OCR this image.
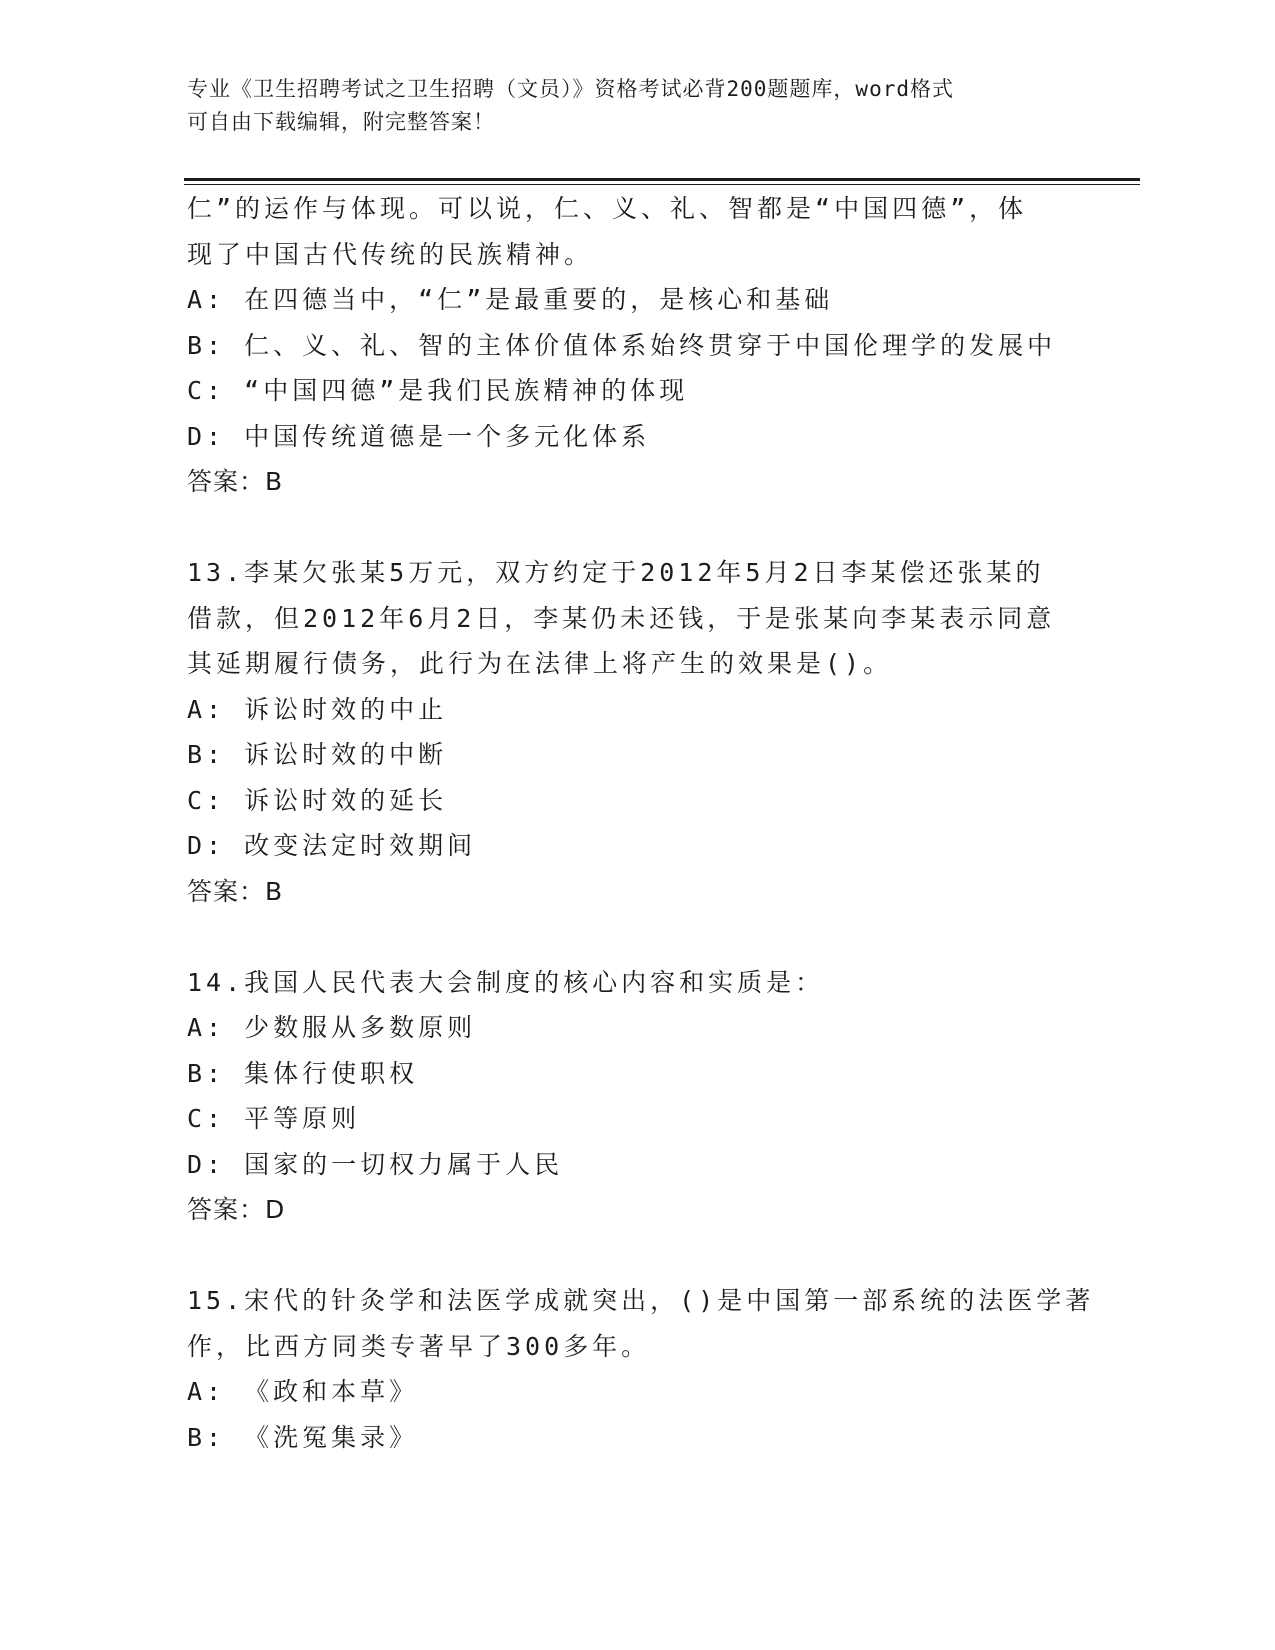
专业《卫生招聘考试之卫生招聘（文员）》资格考试必背200题题库，word格式
可自由下载编辑，附完整答案！
仁”的运作与体现。可以说，仁、义、礼、智都是“中国四德”，体
现了中国古代传统的民族精神。
A: 在四德当中，“仁”是最重要的，是核心和基础
B: 仁、义、礼、智的主体价值体系始终贯穿于中国伦理学的发展中
C: “中国四德”是我们民族精神的体现
D: 中国传统道德是一个多元化体系
答案：B
13.李某欠张某5万元，双方约定于2012年5月2日李某偿还张某的
借款，但2012年6月2日，李某仍未还钱，于是张某向李某表示同意
其延期履行债务，此行为在法律上将产生的效果是()。
A: 诉讼时效的中止
B: 诉讼时效的中断
C: 诉讼时效的延长
D: 改变法定时效期间
答案：B
14.我国人民代表大会制度的核心内容和实质是：
A: 少数服从多数原则
B: 集体行使职权
C: 平等原则
D: 国家的一切权力属于人民
答案：D
15.宋代的针灸学和法医学成就突出，()是中国第一部系统的法医学著
作，比西方同类专著早了300多年。
A: 《政和本草》
B: 《洗冤集录》
